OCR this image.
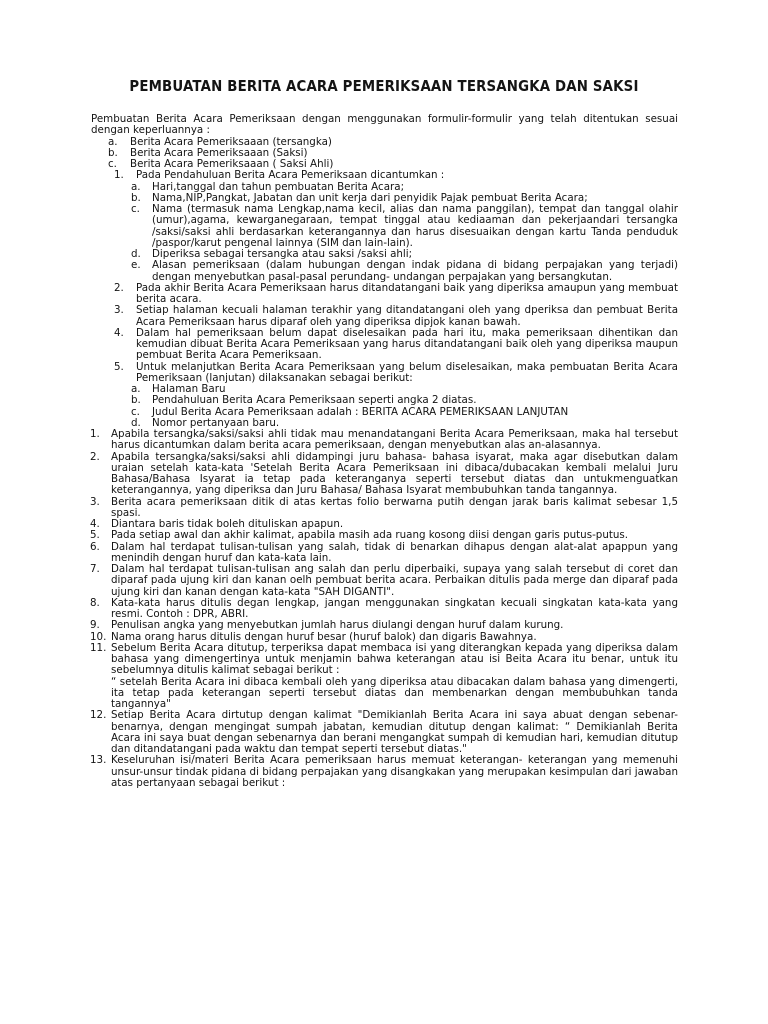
PEMBUATAN BERITA ACARA PEMERIKSAAN TERSANGKA DAN SAKSI

Pembuatan Berita Acara Pemeriksaan dengan menggunakan formulir-formulir yang telah ditentukan sesuai dengan keperluannya :

a.	Berita Acara Pemeriksaaan (tersangka)
b.	Berita Acara Pemeriksaaan (Saksi)
c.	Berita Acara Pemeriksaaan ( Saksi Ahli)
1.	Pada Pendahuluan Berita Acara Pemeriksaan dicantumkan :
a.	Hari,tanggal dan tahun pembuatan Berita Acara;
b.	Nama,NIP,Pangkat, Jabatan dan unit kerja dari penyidik Pajak pembuat Berita Acara;
c.	Nama (termasuk nama Lengkap,nama kecil, alias dan nama panggilan), tempat dan tanggal olahir (umur),agama, kewarganegaraan, tempat tinggal atau kediaaman dan pekerjaandari tersangka /saksi/saksi ahli berdasarkan keterangannya dan harus disesuaikan dengan kartu Tanda penduduk /paspor/karut pengenal lainnya (SIM dan lain-lain).
d.	Diperiksa sebagai tersangka atau saksi /saksi ahli;
e.	Alasan pemeriksaan (dalam hubungan dengan indak pidana di bidang perpajakan yang terjadi) dengan menyebutkan pasal-pasal perundang- undangan perpajakan yang bersangkutan.
2.	Pada akhir Berita Acara Pemeriksaan harus ditandatangani baik yang diperiksa amaupun yang membuat berita acara.
3.	Setiap halaman kecuali halaman terakhir yang ditandatangani oleh yang dperiksa dan pembuat Berita Acara Pemeriksaan harus diparaf oleh yang diperiksa dipjok kanan bawah.
4.	Dalam hal pemeriksaan belum dapat diselesaikan pada hari itu, maka pemeriksaan dihentikan dan kemudian dibuat Berita Acara Pemeriksaan yang harus ditandatangani baik oleh yang diperiksa maupun pembuat Berita Acara Pemeriksaan.
5.	Untuk melanjutkan Berita Acara Pemeriksaan yang belum diselesaikan, maka pembuatan Berita Acara Pemeriksaan (lanjutan) dilaksanakan sebagai berikut:
a.	Halaman Baru
b.	Pendahuluan Berita Acara Pemeriksaan seperti angka 2 diatas.
c.	Judul Berita Acara Pemeriksaan adalah : BERITA ACARA PEMERIKSAAN LANJUTAN
d.	Nomor pertanyaan baru.
1.	Apabila tersangka/saksi/saksi ahli tidak mau menandatangani Berita Acara Pemeriksaan, maka hal tersebut harus dicantumkan dalam berita acara pemeriksaan, dengan menyebutkan alas an-alasannya.
2.	Apabila tersangka/saksi/saksi ahli didampingi juru bahasa- bahasa isyarat, maka agar disebutkan dalam uraian setelah kata-kata 'Setelah Berita Acara Pemeriksaan ini dibaca/dubacakan kembali melalui Juru Bahasa/Bahasa Isyarat ia tetap pada keteranganya seperti tersebut diatas dan untukmenguatkan keterangannya, yang diperiksa dan Juru Bahasa/ Bahasa Isyarat membubuhkan tanda tangannya.
3.	Berita acara pemeriksaan ditik di atas kertas folio berwarna putih dengan jarak baris kalimat sebesar 1,5 spasi.
4.	Diantara baris tidak boleh dituliskan apapun.
5.	Pada setiap awal dan akhir kalimat, apabila masih ada ruang kosong diisi dengan garis putus-putus.
6.	Dalam hal terdapat tulisan-tulisan yang salah, tidak di benarkan dihapus dengan alat-alat apappun yang menindih dengan huruf dan kata-kata lain.
7.	Dalam hal terdapat tulisan-tulisan ang salah dan perlu diperbaiki, supaya yang salah tersebut di coret dan diparaf pada ujung kiri dan kanan oelh pembuat berita acara. Perbaikan ditulis pada merge dan diparaf pada ujung kiri dan kanan dengan kata-kata "SAH DIGANTI".
8.	Kata-kata harus ditulis degan lengkap, jangan menggunakan singkatan kecuali singkatan kata-kata yang resmi. Contoh : DPR, ABRI.
9.	Penulisan angka yang menyebutkan jumlah harus diulangi dengan huruf dalam kurung.
10. Nama orang harus ditulis dengan huruf besar (huruf balok) dan digaris Bawahnya.
11. Sebelum Berita Acara ditutup, terperiksa dapat membaca isi yang diterangkan kepada yang diperiksa dalam bahasa yang dimengertinya untuk menjamin bahwa keterangan atau isi Beita Acara itu benar, untuk itu sebelumnya ditulis kalimat sebagai berikut :
“ setelah Berita Acara ini dibaca kembali oleh yang diperiksa atau dibacakan dalam bahasa yang dimengerti, ita tetap pada keterangan seperti tersebut diatas dan membenarkan dengan membubuhkan tanda tangannya"
12. Setiap Berita Acara dirtutup dengan kalimat "Demikianlah Berita Acara ini saya abuat dengan sebenar-benarnya, dengan mengingat sumpah jabatan, kemudian ditutup dengan kalimat: “ Demikianlah Berita Acara ini saya buat dengan sebenarnya dan berani mengangkat sumpah di kemudian hari, kemudian ditutup dan ditandatangani pada waktu dan tempat seperti tersebut diatas."
13. Keseluruhan isi/materi Berita Acara pemeriksaan harus memuat keterangan- keterangan yang memenuhi unsur-unsur tindak pidana di bidang perpajakan yang disangkakan yang merupakan kesimpulan dari jawaban atas pertanyaan sebagai berikut :
